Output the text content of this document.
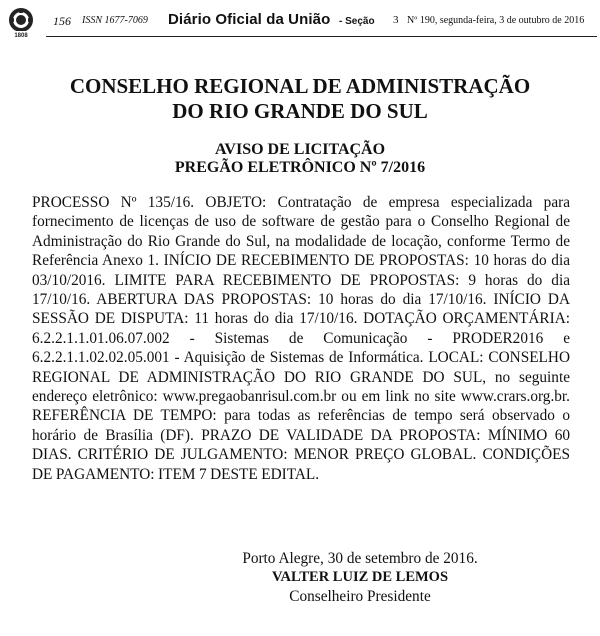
1808
156 ISSN 1677-7069 Diário Oficial da União - Seção 3 Nº 190, segunda-feira, 3 de outubro de 2016
CONSELHO REGIONAL DE ADMINISTRAÇÃO
DO RIO GRANDE DO SUL
AVISO DE LICITAÇÃO
PREGÃO ELETRÔNICO Nº 7/2016
PROCESSO Nº 135/16. OBJETO: Contratação de empresa especializada para fornecimento de licenças de uso de software de gestão para o Conselho Regional de Administração do Rio Grande do Sul, na modalidade de locação, conforme Termo de Referência Anexo 1. INÍCIO DE RECEBIMENTO DE PROPOSTAS: 10 horas do dia 03/10/2016. LIMITE PARA RECEBIMENTO DE PROPOSTAS: 9 horas do dia 17/10/16. ABERTURA DAS PROPOSTAS: 10 horas do dia 17/10/16. INÍCIO DA SESSÃO DE DISPUTA: 11 horas do dia 17/10/16. DOTAÇÃO ORÇAMENTÁRIA: 6.2.2.1.1.01.06.07.002 - Sistemas de Comunicação - PRODER2016 e 6.2.2.1.1.02.02.05.001 - Aquisição de Sistemas de Informática. LOCAL: CONSELHO REGIONAL DE ADMINISTRAÇÃO DO RIO GRANDE DO SUL, no seguinte endereço eletrônico: www.pregaobanrisul.com.br ou em link no site www.crars.org.br. REFERÊNCIA DE TEMPO: para todas as referências de tempo será observado o horário de Brasília (DF). PRAZO DE VALIDADE DA PROPOSTA: MÍNIMO 60 DIAS. CRITÉRIO DE JULGAMENTO: MENOR PREÇO GLOBAL. CONDIÇÕES DE PAGAMENTO: ITEM 7 DESTE EDITAL.
Porto Alegre, 30 de setembro de 2016.
VALTER LUIZ DE LEMOS
Conselheiro Presidente
